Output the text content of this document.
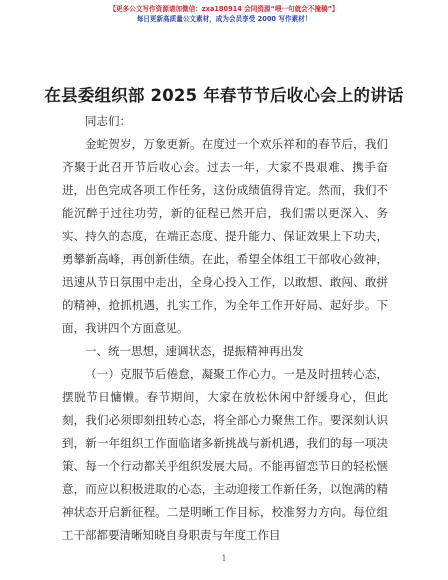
【更多公文写作资源请加微信：zxa180914 会同资源“喂一句就会不撞稿”】
每日更新高质量公文素材，成为会员享受 2000 写作素材！
在县委组织部 2025 年春节节后收心会上的讲话

同志们：

金蛇贺岁，万象更新。在度过一个欢乐祥和的春节后，我们齐聚于此召开节后收心会。过去一年，大家不畏艰难、携手奋进，出色完成各项工作任务，这份成绩值得肯定。然而，我们不能沉醉于过往功劳，新的征程已然开启，我们需以更深入、务实、持久的态度，在端正态度、提升能力、保证效果上下功夫，勇攀新高峰，再创新佳绩。在此，希望全体组工干部收心敛神，迅速从节日氛围中走出，全身心投入工作，以敢想、敢闯、敢拼的精神，抢抓机遇，扎实工作，为全年工作开好局、起好步。下面，我讲四个方面意见。

一、统一思想，速调状态，提振精神再出发

（一）克服节后倦怠，凝聚工作心力。一是及时扭转心态，摆脱节日慵懒。春节期间，大家在放松休闲中舒缓身心，但此刻，我们必须即刻扭转心态，将全部心力聚焦工作。要深刻认识到，新一年组织工作面临诸多新挑战与新机遇，我们的每一项决策、每一个行动都关乎组织发展大局。不能再留恋节日的轻松惬意，而应以积极进取的心态，主动迎接工作新任务，以饱满的精神状态开启新征程。二是明晰工作目标，校准努力方向。每位组工干部都要清晰知晓自身职责与年度工作目

1
